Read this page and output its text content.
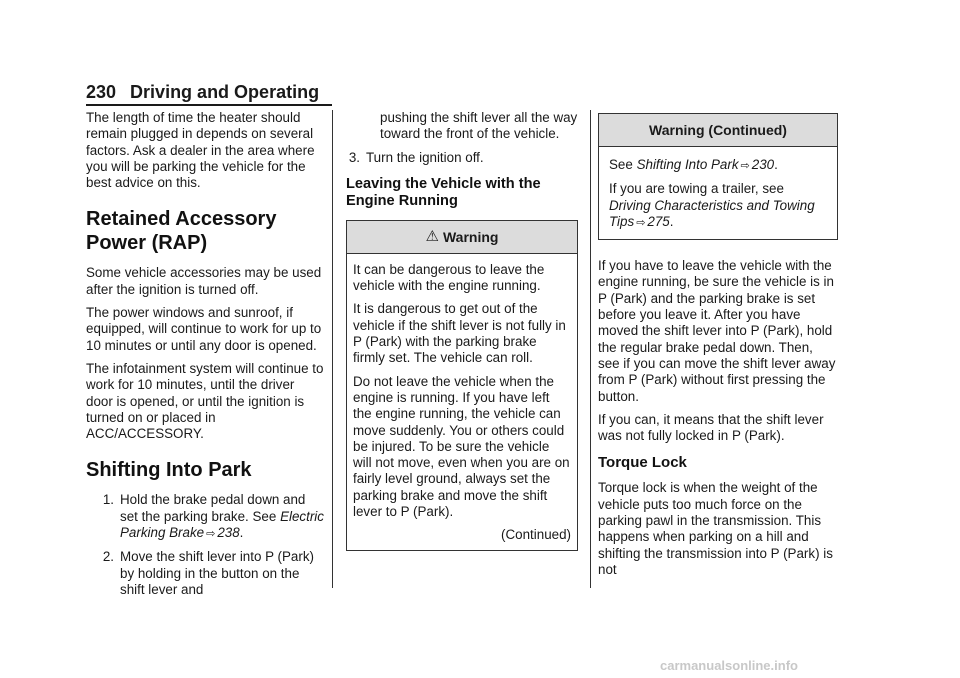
230 Driving and Operating

The length of time the heater should remain plugged in depends on several factors. Ask a dealer in the area where you will be parking the vehicle for the best advice on this.

Retained Accessory Power (RAP)

Some vehicle accessories may be used after the ignition is turned off.

The power windows and sunroof, if equipped, will continue to work for up to 10 minutes or until any door is opened.

The infotainment system will continue to work for 10 minutes, until the driver door is opened, or until the ignition is turned on or placed in ACC/ACCESSORY.

Shifting Into Park
1. Hold the brake pedal down and set the parking brake. See Electric Parking Brake ⇨ 238.
2. Move the shift lever into P (Park) by holding in the button on the shift lever and
pushing the shift lever all the way toward the front of the vehicle.
3. Turn the ignition off.
Leaving the Vehicle with the Engine Running
⚠ Warning

It can be dangerous to leave the vehicle with the engine running.

It is dangerous to get out of the vehicle if the shift lever is not fully in P (Park) with the parking brake firmly set. The vehicle can roll.

Do not leave the vehicle when the engine is running. If you have left the engine running, the vehicle can move suddenly. You or others could be injured. To be sure the vehicle will not move, even when you are on fairly level ground, always set the parking brake and move the shift lever to P (Park).

(Continued)

Warning (Continued)

See Shifting Into Park ⇨ 230.

If you are towing a trailer, see Driving Characteristics and Towing Tips ⇨ 275.

If you have to leave the vehicle with the engine running, be sure the vehicle is in P (Park) and the parking brake is set before you leave it. After you have moved the shift lever into P (Park), hold the regular brake pedal down. Then, see if you can move the shift lever away from P (Park) without first pressing the button.

If you can, it means that the shift lever was not fully locked in P (Park).

Torque Lock

Torque lock is when the weight of the vehicle puts too much force on the parking pawl in the transmission. This happens when parking on a hill and shifting the transmission into P (Park) is not

carmanualsonline.info
